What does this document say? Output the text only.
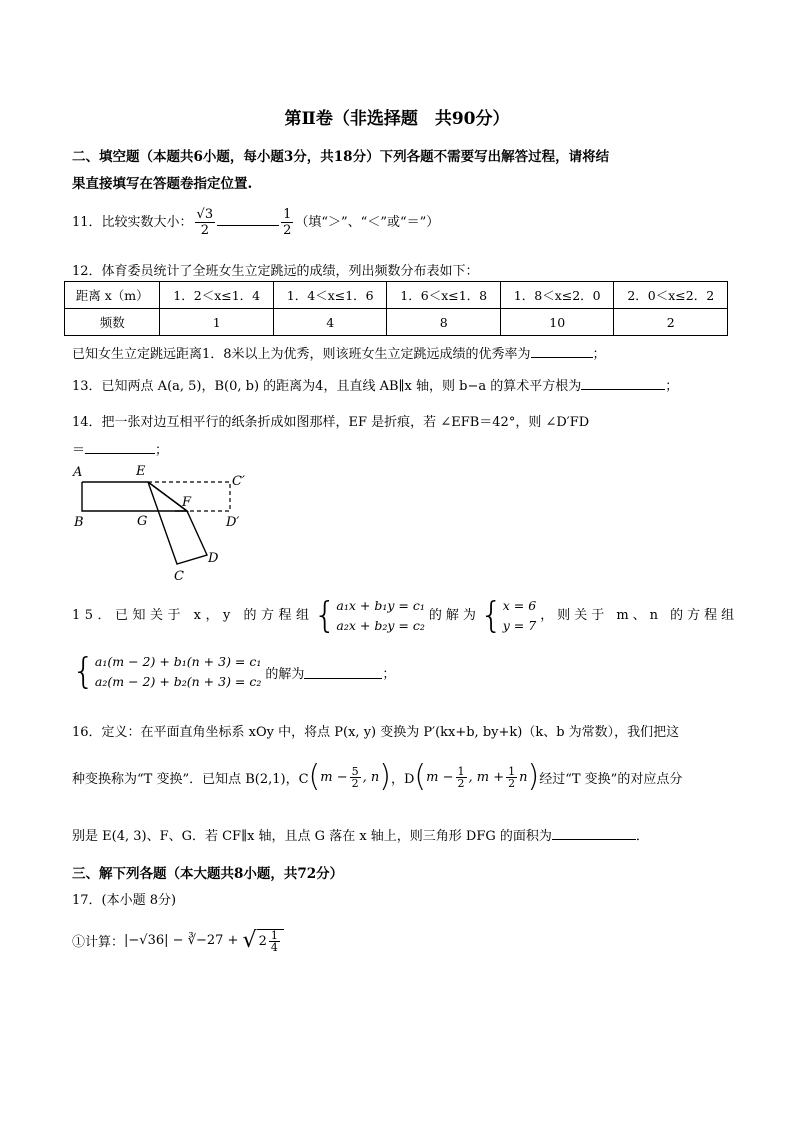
第Ⅱ卷（非选择题　共90分）
二、填空题（本题共6小题，每小题3分，共18分）下列各题不需要写出解答过程，请将结
果直接填写在答题卷指定位置.
11．比较实数大小： $\frac{√3}{2}$	$\frac{1}{2}$ （填“＞”、“＜”或“＝”）
12．体育委员统计了全班女生立定跳远的成绩，列出频数分布表如下：
距离 x（m）	1．2＜x≤1．4	1．4＜x≤1．6	1．6＜x≤1．8	1．8＜x≤2．0	2．0＜x≤2．2
频数	1	4	8	10	2
已知女生立定跳远距离1．8米以上为优秀，则该班女生立定跳远成绩的优秀率为	；
13．已知两点 A(a, 5)，B(0, b) 的距离为4，且直线 AB∥x 轴，则 b−a 的算术平方根为	；
14．把一张对边互相平行的纸条折成如图那样，EF 是折痕，若 ∠EFB＝42°，则 ∠D′FD
＝	；
A	E
C′
F
B	G	D′
D
C
15．已知关于 x，y 的方程组 { a₁x + b₁y = c₁
a₂x + b₂y = c₂
的解为 { x = 6
y = 7
，则关于 m、n 的方程组
{ a₁(m − 2) + b₁(n + 3) = c₁
a₂(m − 2) + b₂(n + 3) = c₂ 的解为	；
16．定义：在平面直角坐标系 xOy 中，将点 P(x, y) 变换为 P′(kx+b, by+k)（k、b 为常数），我们把这
种变换称为“T 变换”．已知点 B(2,1)，C ( $m - \frac{5}{2}$ , n ) ，D ( $m - \frac{1}{2}$ , $m + \frac{1}{2}$ n ) 经过“T 变换”的对应点分
别是 E(4, 3)、F、G．若 CF∥x 轴，且点 G 落在 x 轴上，则三角形 DFG 的面积为	．
三、解下列各题（本大题共8小题，共72分）
17．(本小题 8分)
①计算： |−√36| − ∛−27 + √ $2 \frac{1}{4}$
